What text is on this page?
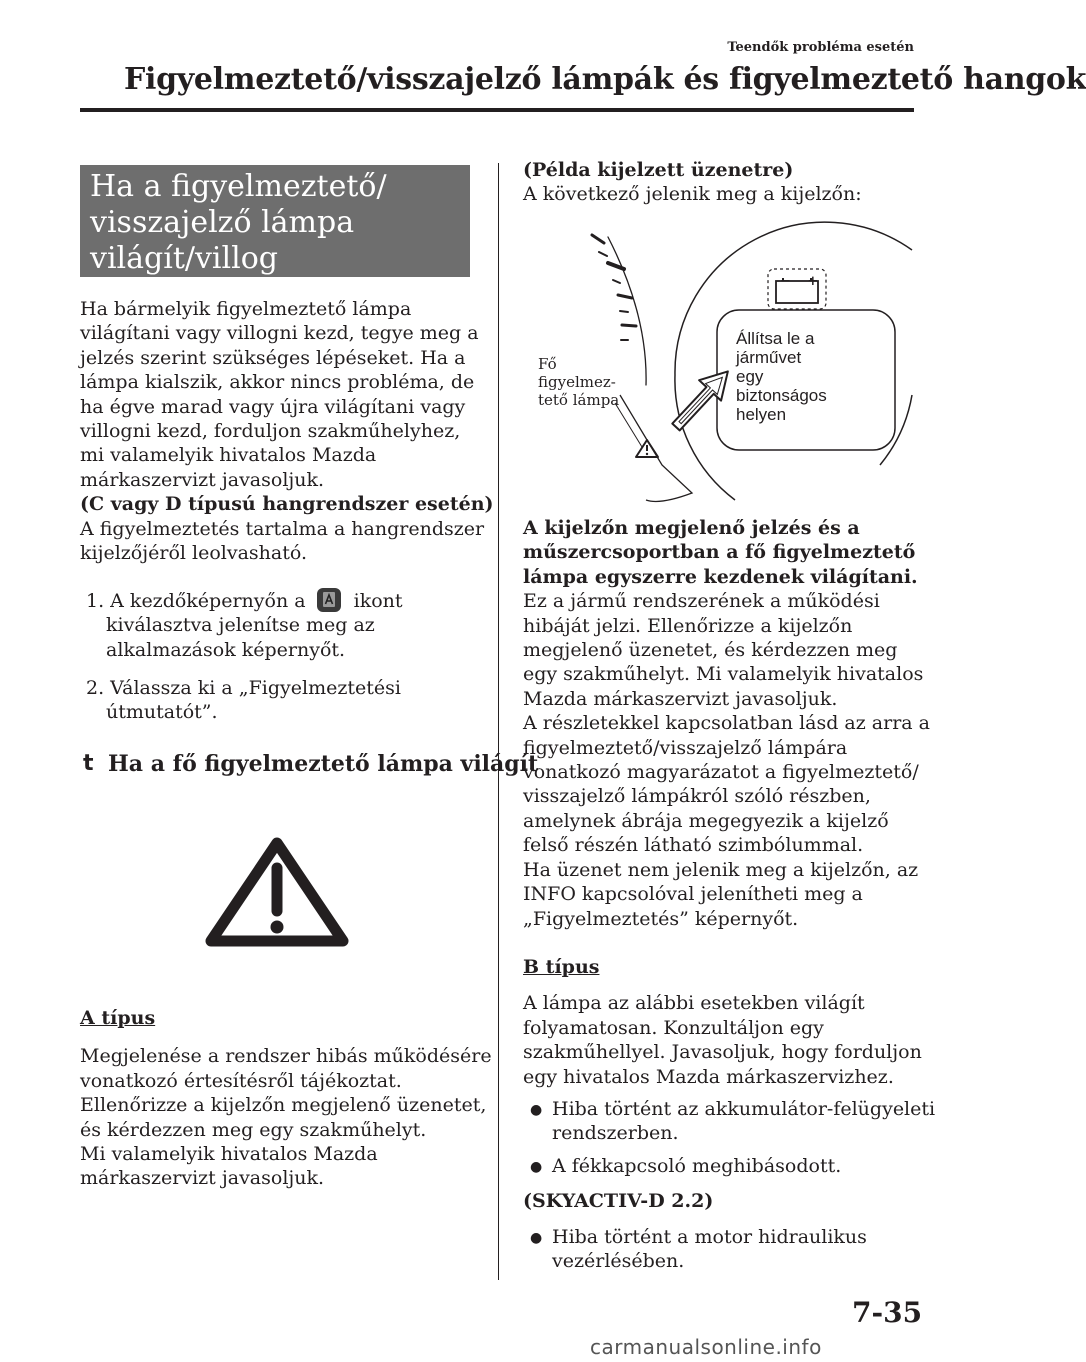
Teendők probléma esetén
Figyelmeztető/visszajelző lámpák és figyelmeztető hangok
Ha a figyelmeztető/
visszajelző lámpa
világít/villog
Ha bármelyik figyelmeztető lámpa
világítani vagy villogni kezd, tegye meg a
jelzés szerint szükséges lépéseket. Ha a
lámpa kialszik, akkor nincs probléma, de
ha égve marad vagy újra világítani vagy
villogni kezd, forduljon szakműhelyhez,
mi valamelyik hivatalos Mazda
márkaszervizt javasoljuk.
(C vagy D típusú hangrendszer esetén)
A figyelmeztetés tartalma a hangrendszer
kijelzőjéről leolvasható.
1. A kezdőképernyőn a	ikont
kiválasztva jelenítse meg az
alkalmazások képernyőt.
2. Válassza ki a „Figyelmeztetési
útmutatót”.
t Ha a fő figyelmeztető lámpa világít
A típus
Megjelenése a rendszer hibás működésére
vonatkozó értesítésről tájékoztat.
Ellenőrizze a kijelzőn megjelenő üzenetet,
és kérdezzen meg egy szakműhelyt.
Mi valamelyik hivatalos Mazda
márkaszervizt javasoljuk.
(Példa kijelzett üzenetre)
A következő jelenik meg a kijelzőn:
Fő
figyelmez-
tető lámpa
− +
Állítsa le a
járművet
egy
biztonságos
helyen
A kijelzőn megjelenő jelzés és a
műszercsoportban a fő figyelmeztető
lámpa egyszerre kezdenek világítani.
Ez a jármű rendszerének a működési
hibáját jelzi. Ellenőrizze a kijelzőn
megjelenő üzenetet, és kérdezzen meg
egy szakműhelyt. Mi valamelyik hivatalos
Mazda márkaszervizt javasoljuk.
A részletekkel kapcsolatban lásd az arra a
figyelmeztető/visszajelző lámpára
vonatkozó magyarázatot a figyelmeztető/
visszajelző lámpákról szóló részben,
amelynek ábrája megegyezik a kijelző
felső részén látható szimbólummal.
Ha üzenet nem jelenik meg a kijelzőn, az
INFO kapcsolóval jelenítheti meg a
„Figyelmeztetés” képernyőt.
B típus
A lámpa az alábbi esetekben világít
folyamatosan. Konzultáljon egy
szakműhellyel. Javasoljuk, hogy forduljon
egy hivatalos Mazda márkaszervizhez.
● Hiba történt az akkumulátor-felügyeleti
rendszerben.
● A fékkapcsoló meghibásodott.
(SKYACTIV-D 2.2)
● Hiba történt a motor hidraulikus
vezérlésében.
7-35
carmanualsonline.info
